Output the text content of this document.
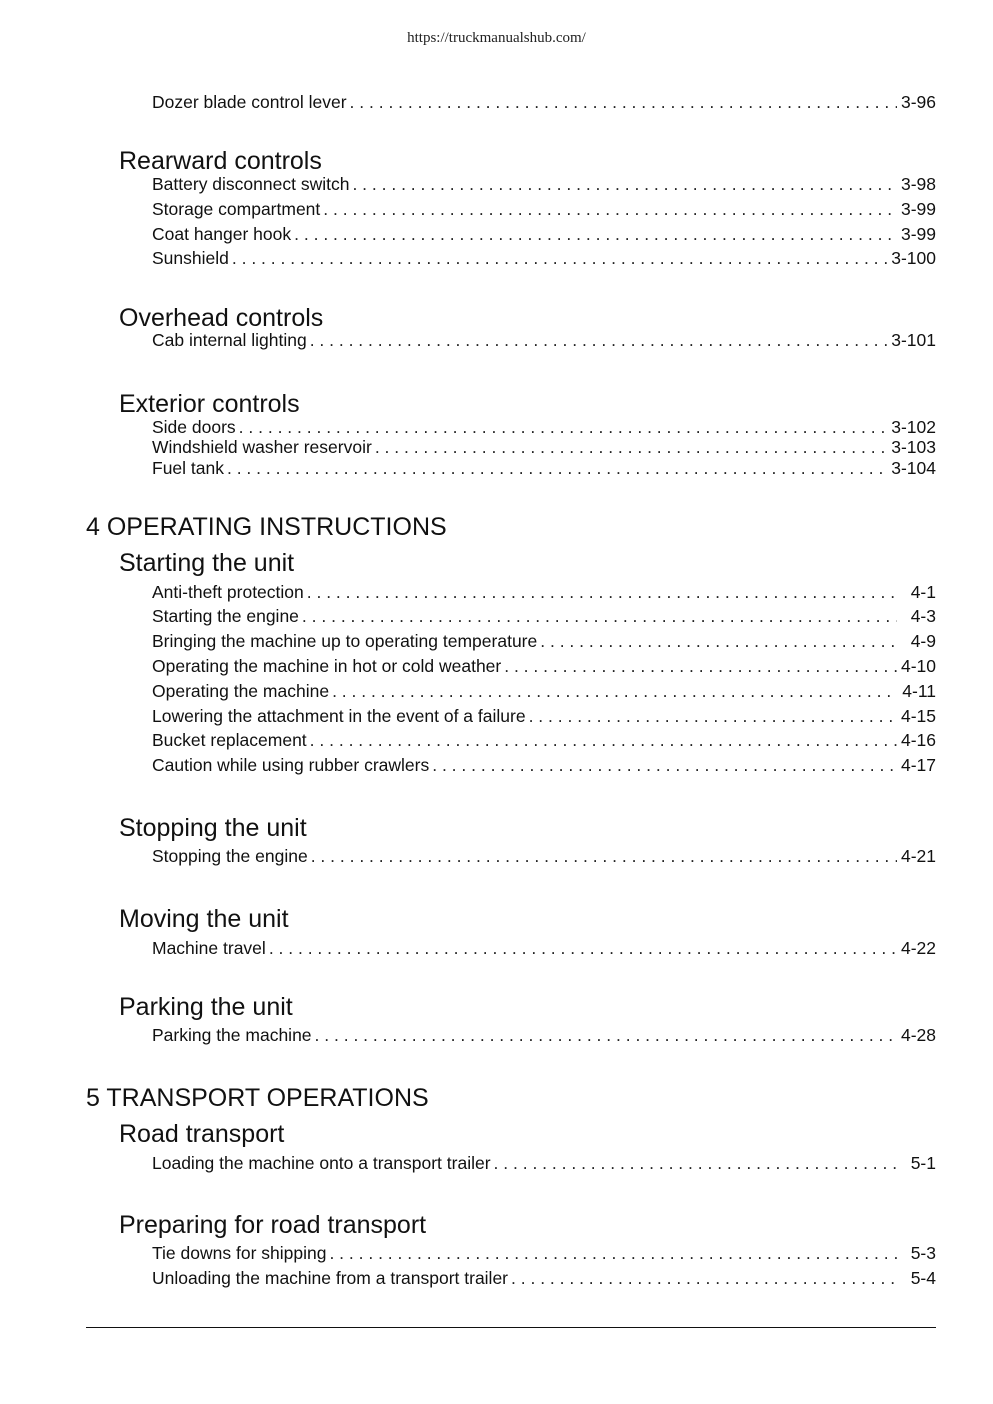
https://truckmanualshub.com/
Dozer blade control lever . . .	3-96
Rearward controls
Battery disconnect switch . . .	3-98
Storage compartment . . .	3-99
Coat hanger hook . . .	3-99
Sunshield . . .	3-100
Overhead controls
Cab internal lighting . . .	3-101
Exterior controls
Side doors . . .	3-102
Windshield washer reservoir . . .	3-103
Fuel tank . . .	3-104
4 OPERATING INSTRUCTIONS
Starting the unit
Anti-theft protection . . .	4-1
Starting the engine . . .	4-3
Bringing the machine up to operating temperature . . .	4-9
Operating the machine in hot or cold weather . . .	4-10
Operating the machine . . .	4-11
Lowering the attachment in the event of a failure . . .	4-15
Bucket replacement . . .	4-16
Caution while using rubber crawlers . . .	4-17
Stopping the unit
Stopping the engine . . .	4-21
Moving the unit
Machine travel . . .	4-22
Parking the unit
Parking the machine . . .	4-28
5 TRANSPORT OPERATIONS
Road transport
Loading the machine onto a transport trailer . . .	5-1
Preparing for road transport
Tie downs for shipping . . .	5-3
Unloading the machine from a transport trailer . . .	5-4
